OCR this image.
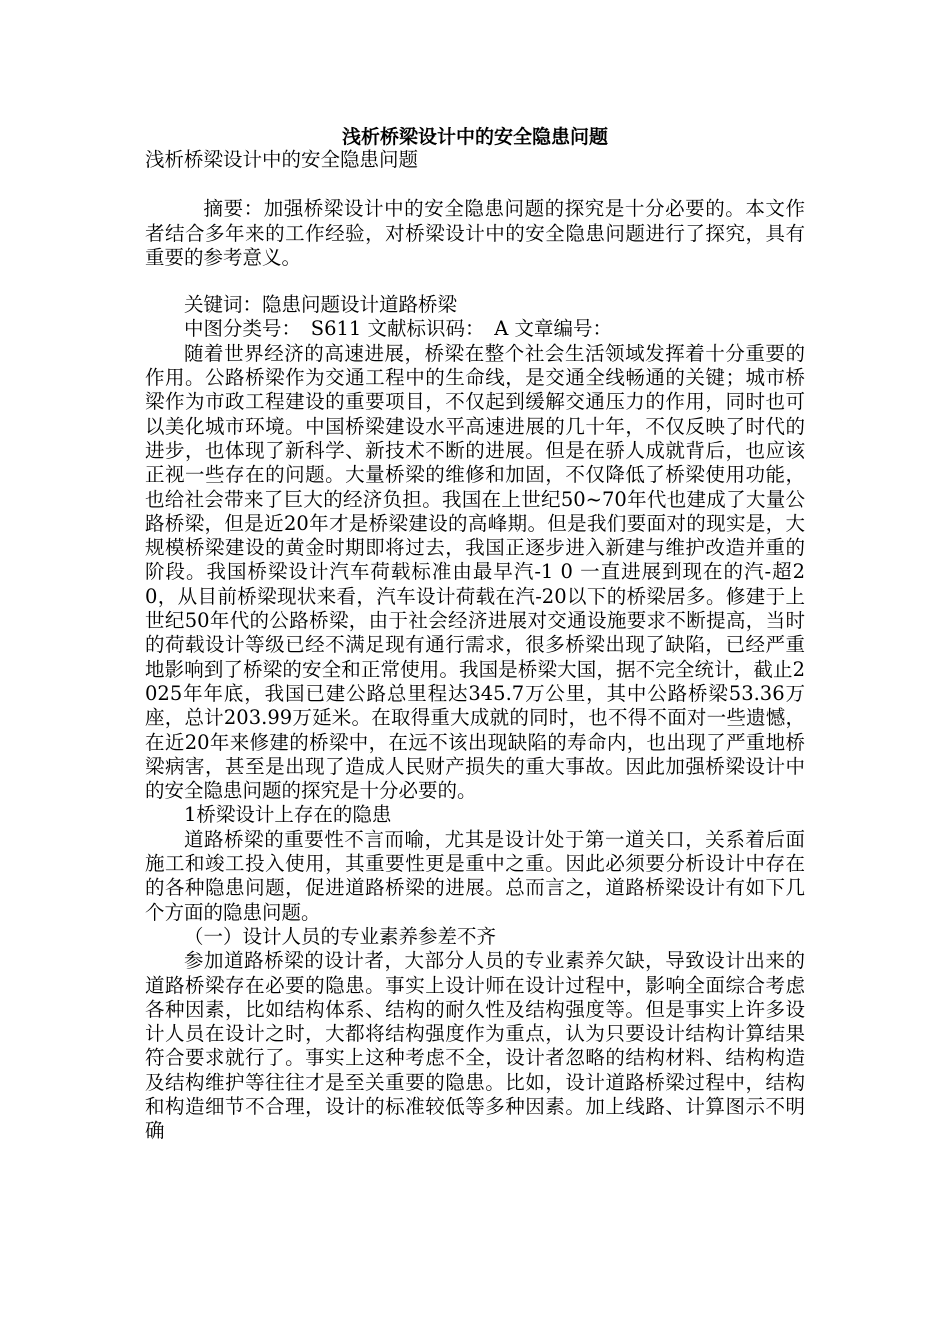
浅析桥梁设计中的安全隐患问题

浅析桥梁设计中的安全隐患问题

摘要：加强桥梁设计中的安全隐患问题的探究是十分必要的。本文作者结合多年来的工作经验，对桥梁设计中的安全隐患问题进行了探究，具有重要的参考意义。

关键词：隐患问题设计道路桥梁

中图分类号：　S611 文献标识码：　A 文章编号：

随着世界经济的高速进展，桥梁在整个社会生活领域发挥着十分重要的作用。公路桥梁作为交通工程中的生命线，是交通全线畅通的关键；城市桥梁作为市政工程建设的重要项目，不仅起到缓解交通压力的作用，同时也可以美化城市环境。中国桥梁建设水平高速进展的几十年，不仅反映了时代的进步，也体现了新科学、新技术不断的进展。但是在骄人成就背后，也应该正视一些存在的问题。大量桥梁的维修和加固，不仅降低了桥梁使用功能，也给社会带来了巨大的经济负担。我国在上世纪50~70年代也建成了大量公路桥梁，但是近20年才是桥梁建设的高峰期。但是我们要面对的现实是，大规模桥梁建设的黄金时期即将过去，我国正逐步进入新建与维护改造并重的阶段。我国桥梁设计汽车荷载标准由最早汽-1 0 一直进展到现在的汽-超20，从目前桥梁现状来看，汽车设计荷载在汽-20以下的桥梁居多。修建于上世纪50年代的公路桥梁，由于社会经济进展对交通设施要求不断提高，当时的荷载设计等级已经不满足现有通行需求，很多桥梁出现了缺陷，已经严重地影响到了桥梁的安全和正常使用。我国是桥梁大国，据不完全统计，截止2025年年底，我国已建公路总里程达345.7万公里，其中公路桥梁53.36万座，总计203.99万延米。在取得重大成就的同时，也不得不面对一些遗憾，在近20年来修建的桥梁中，在远不该出现缺陷的寿命内，也出现了严重地桥梁病害，甚至是出现了造成人民财产损失的重大事故。因此加强桥梁设计中的安全隐患问题的探究是十分必要的。

1桥梁设计上存在的隐患

道路桥梁的重要性不言而喻，尤其是设计处于第一道关口，关系着后面施工和竣工投入使用，其重要性更是重中之重。因此必须要分析设计中存在的各种隐患问题，促进道路桥梁的进展。总而言之，道路桥梁设计有如下几个方面的隐患问题。

（一）设计人员的专业素养参差不齐

参加道路桥梁的设计者，大部分人员的专业素养欠缺，导致设计出来的道路桥梁存在必要的隐患。事实上设计师在设计过程中，影响全面综合考虑各种因素，比如结构体系、结构的耐久性及结构强度等。但是事实上许多设计人员在设计之时，大都将结构强度作为重点，认为只要设计结构计算结果符合要求就行了。事实上这种考虑不全，设计者忽略的结构材料、结构构造及结构维护等往往才是至关重要的隐患。比如，设计道路桥梁过程中，结构和构造细节不合理，设计的标准较低等多种因素。加上线路、计算图示不明确
